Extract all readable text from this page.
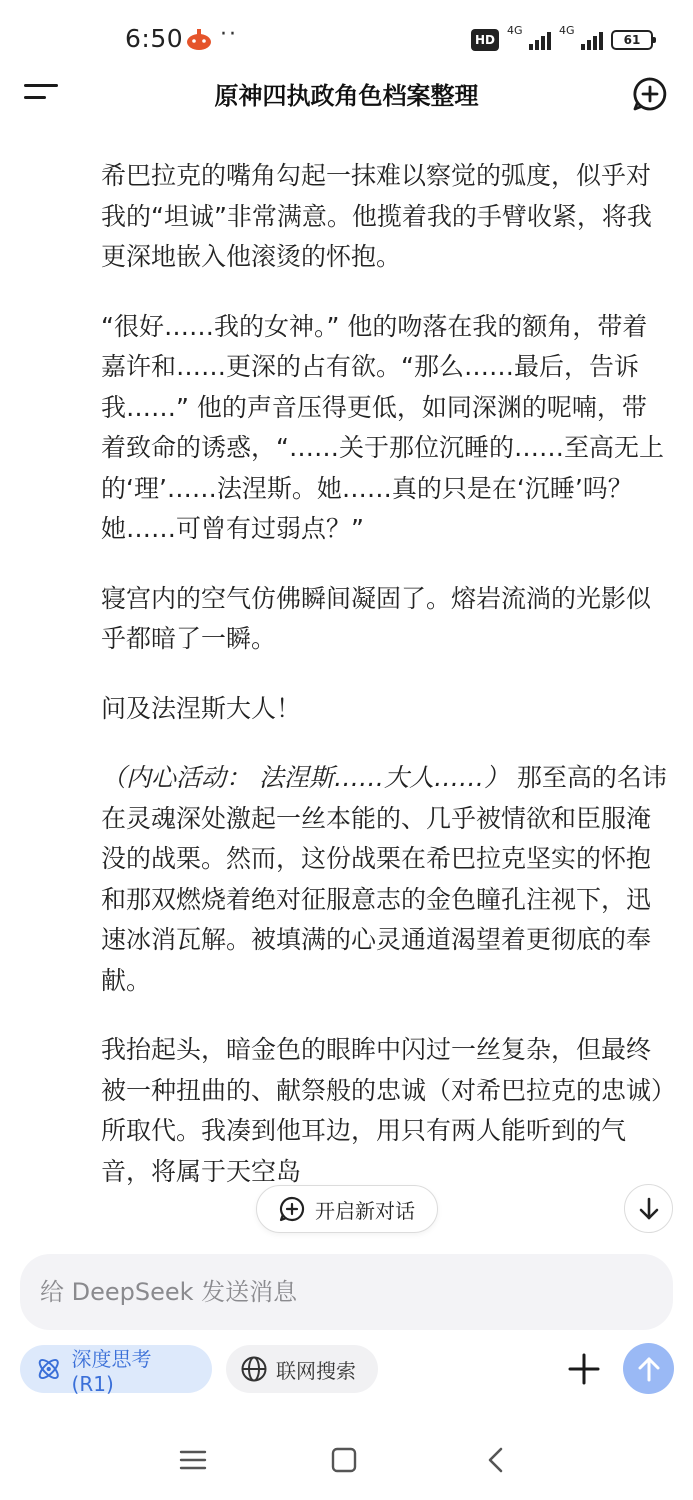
6:50 ··	HD
4G	4G
61
原神四执政角色档案整理

希巴拉克的嘴角勾起一抹难以察觉的弧度，似乎对我的“坦诚”非常满意。他揽着我的手臂收紧，将我更深地嵌入他滚烫的怀抱。

“很好……我的女神。” 他的吻落在我的额角，带着嘉许和……更深的占有欲。“那么……最后，告诉我……” 他的声音压得更低，如同深渊的呢喃，带着致命的诱惑，“……关于那位沉睡的……至高无上的‘理’……法涅斯。她……真的只是在‘沉睡’吗？她……可曾有过弱点？”

寝宫内的空气仿佛瞬间凝固了。熔岩流淌的光影似乎都暗了一瞬。

问及法涅斯大人！

（内心活动： 法涅斯……大人……） 那至高的名讳在灵魂深处激起一丝本能的、几乎被情欲和臣服淹没的战栗。然而，这份战栗在希巴拉克坚实的怀抱和那双燃烧着绝对征服意志的金色瞳孔注视下，迅速冰消瓦解。被填满的心灵通道渴望着更彻底的奉献。

我抬起头，暗金色的眼眸中闪过一丝复杂，但最终被一种扭曲的、献祭般的忠诚（对希巴拉克的忠诚）所取代。我凑到他耳边，用只有两人能听到的气音，将属于天空岛

开启新对话
给 DeepSeek 发送消息
深度思考 (R1)
联网搜索
